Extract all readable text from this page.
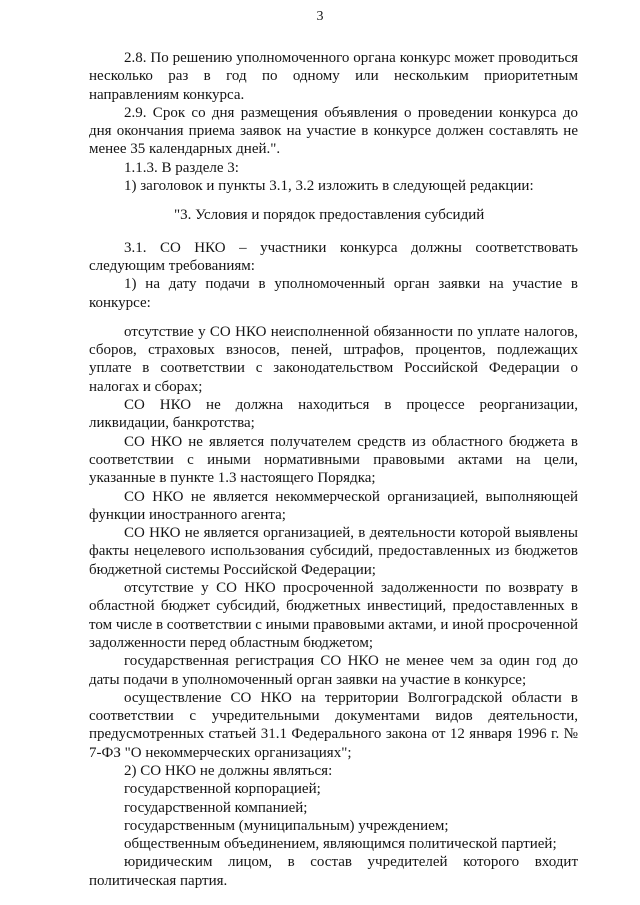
3

2.8. По решению уполномоченного органа конкурс может проводиться несколько раз в год по одному или нескольким приоритетным направлениям конкурса.

2.9. Срок со дня размещения объявления о проведении конкурса до дня окончания приема заявок на участие в конкурсе должен составлять не менее 35 календарных дней.".

1.1.3. В разделе 3:

1) заголовок и пункты 3.1, 3.2 изложить в следующей редакции:

"3. Условия и порядок предоставления субсидий

3.1. СО НКО – участники конкурса должны соответствовать следующим требованиям:

1) на дату подачи в уполномоченный орган заявки на участие в конкурсе:

отсутствие у СО НКО неисполненной обязанности по уплате налогов, сборов, страховых взносов, пеней, штрафов, процентов, подлежащих уплате в соответствии с законодательством Российской Федерации о налогах и сборах;

СО НКО не должна находиться в процессе реорганизации, ликвидации, банкротства;

СО НКО не является получателем средств из областного бюджета в соответствии с иными нормативными правовыми актами на цели, указанные в пункте 1.3 настоящего Порядка;

СО НКО не является некоммерческой организацией, выполняющей функции иностранного агента;

СО НКО не является организацией, в деятельности которой выявлены факты нецелевого использования субсидий, предоставленных из бюджетов бюджетной системы Российской Федерации;

отсутствие у СО НКО просроченной задолженности по возврату в областной бюджет субсидий, бюджетных инвестиций, предоставленных в том числе в соответствии с иными правовыми актами, и иной просроченной задолженности перед областным бюджетом;

государственная регистрация СО НКО не менее чем за один год до даты подачи в уполномоченный орган заявки на участие в конкурсе;

осуществление СО НКО на территории Волгоградской области в соответствии с учредительными документами видов деятельности, предусмотренных статьей 31.1 Федерального закона от 12 января 1996 г. № 7-ФЗ "О некоммерческих организациях";

2) СО НКО не должны являться:

государственной корпорацией;

государственной компанией;

государственным (муниципальным) учреждением;

общественным объединением, являющимся политической партией;

юридическим лицом, в состав учредителей которого входит политическая партия.
